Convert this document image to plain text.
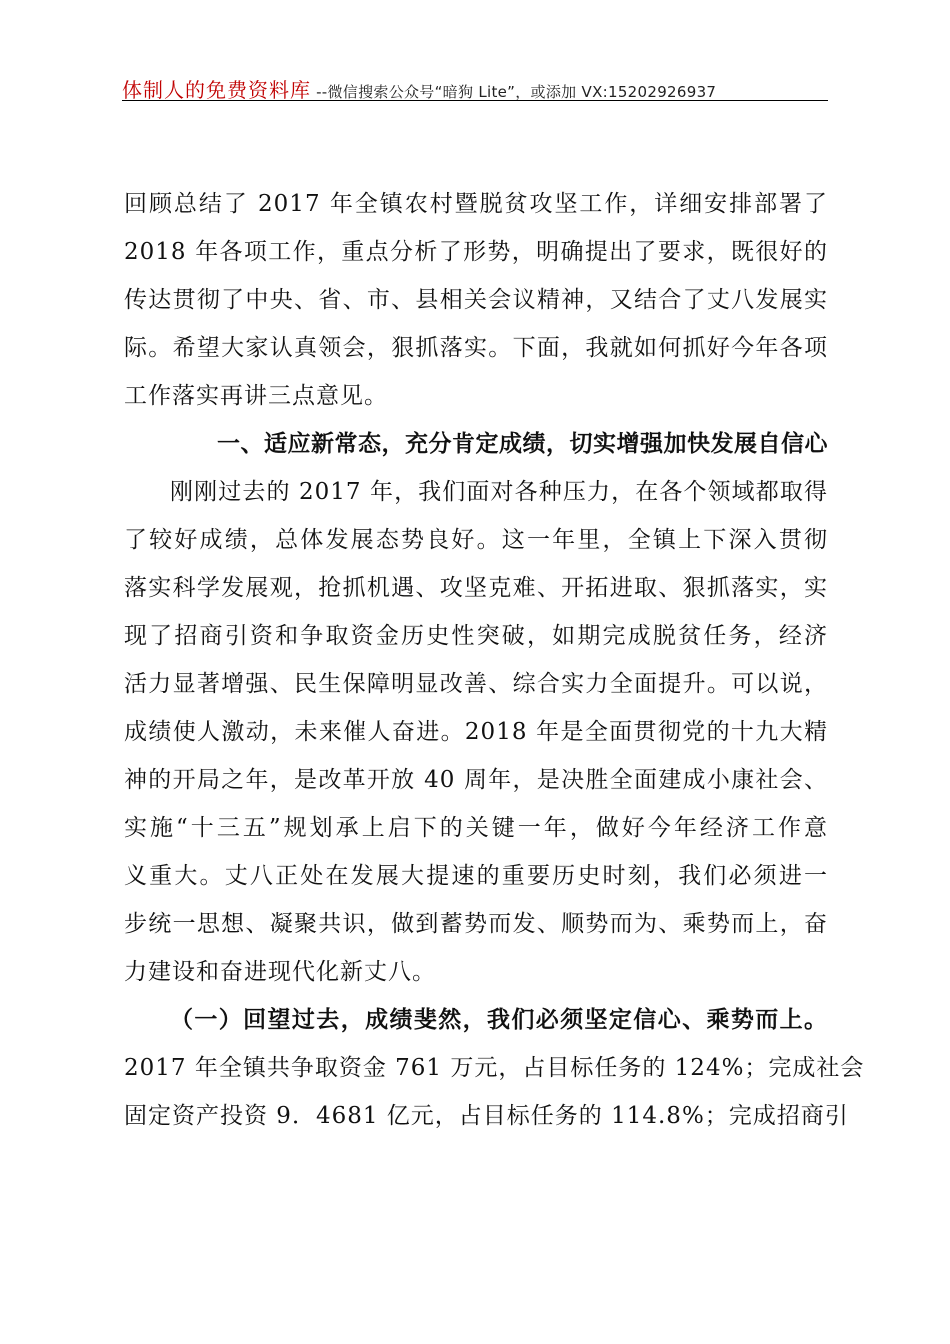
体制人的免费资料库 --微信搜索公众号“暗狗 Lite”，或添加 VX:15202926937
回顾总结了 2017 年全镇农村暨脱贫攻坚工作，详细安排部署了
2018 年各项工作，重点分析了形势，明确提出了要求，既很好的
传达贯彻了中央、省、市、县相关会议精神，又结合了丈八发展实
际。希望大家认真领会，狠抓落实。下面，我就如何抓好今年各项
工作落实再讲三点意见。
一、适应新常态，充分肯定成绩，切实增强加快发展自信心
刚刚过去的 2017 年，我们面对各种压力，在各个领域都取得
了较好成绩，总体发展态势良好。这一年里，全镇上下深入贯彻
落实科学发展观，抢抓机遇、攻坚克难、开拓进取、狠抓落实，实
现了招商引资和争取资金历史性突破，如期完成脱贫任务，经济
活力显著增强、民生保障明显改善、综合实力全面提升。可以说，
成绩使人激动，未来催人奋进。2018 年是全面贯彻党的十九大精
神的开局之年，是改革开放 40 周年，是决胜全面建成小康社会、
实施“十三五”规划承上启下的关键一年，做好今年经济工作意
义重大。丈八正处在发展大提速的重要历史时刻，我们必须进一
步统一思想、凝聚共识，做到蓄势而发、顺势而为、乘势而上，奋
力建设和奋进现代化新丈八。
（一）回望过去，成绩斐然，我们必须坚定信心、乘势而上。
2017 年全镇共争取资金 761 万元，占目标任务的 124%；完成社会
固定资产投资 9．4681 亿元，占目标任务的 114.8%；完成招商引
